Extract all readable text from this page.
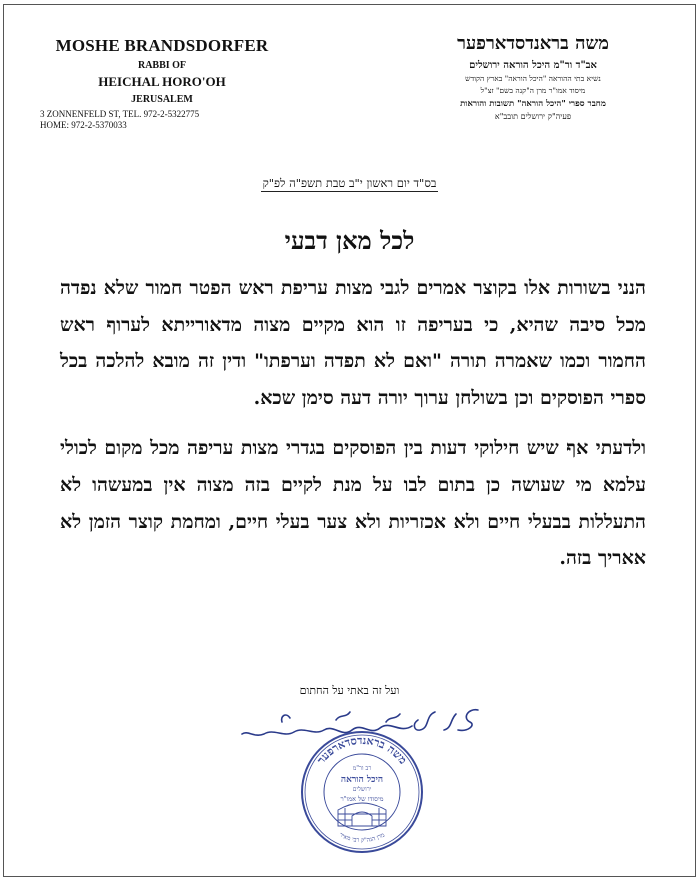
MOSHE BRANDSDORFER
RABBI OF
HEICHAL HORO'OH
JERUSALEM
3 ZONNENFELD ST, TEL. 972-2-5322775
HOME: 972-2-5370033
משה בראנדסדארפער
אב"ד ור"מ היכל הוראה ירושלים
נשיא בתי ההוראה "היכל הוראה" בארץ הקודש
מיסוד אמו"ר מרן ה"קנה בשם" זצ"ל
מחבר ספרי "היכל הוראה" תשובות והוראות
פעיה"ק ירושלים תובב"א
בס"ד יום ראשון י"ב טבת תשפ"ה לפ"ק
לכל מאן דבעי

הנני בשורות אלו בקוצר אמרים לגבי מצות עריפת ראש הפטר חמור שלא נפדה מכל סיבה שהיא, כי בעריפה זו הוא מקיים מצוה מדאורייתא לערוף ראש החמור וכמו שאמרה תורה "ואם לא תפדה וערפתו" ודין זה מובא להלכה בכל ספרי הפוסקים וכן בשולחן ערוך יורה דעה סימן שכא.

ולדעתי אף שיש חילוקי דעות בין הפוסקים בגדרי מצות עריפה מכל מקום לכולי עלמא מי שעושה כן בתום לבו על מנת לקיים בזה מצוה אין במעשהו לא התעללות בבעלי חיים ולא אכזריות ולא צער בעלי חיים, ומחמת קוצר הזמן לא אאריך בזה.

ועל זה באתי על החתום
משה בראנדסדארפער
מרן הגה"ק רבי מאיר
רב ור"מ
היכל הוראה
ירושלים
מיסודו של אמו"ר
